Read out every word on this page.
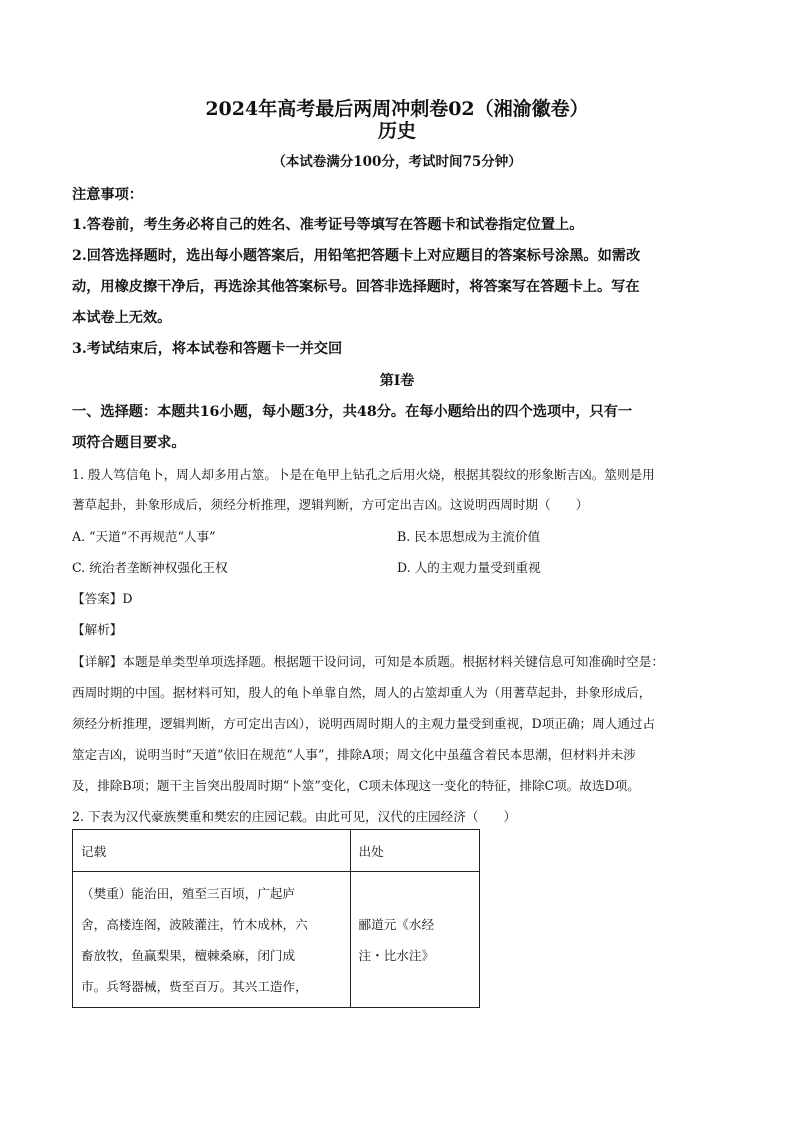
2024年高考最后两周冲刺卷02（湘渝徽卷）
历史
（本试卷满分100分，考试时间75分钟）
注意事项：
1.答卷前，考生务必将自己的姓名、准考证号等填写在答题卡和试卷指定位置上。
2.回答选择题时，选出每小题答案后，用铅笔把答题卡上对应题目的答案标号涂黑。如需改
动，用橡皮擦干净后，再选涂其他答案标号。回答非选择题时，将答案写在答题卡上。写在
本试卷上无效。
3.考试结束后，将本试卷和答题卡一并交回
第Ⅰ卷
一、选择题：本题共16小题，每小题3分，共48分。在每小题给出的四个选项中，只有一
项符合题目要求。
1. 殷人笃信龟卜，周人却多用占筮。卜是在龟甲上钻孔之后用火烧，根据其裂纹的形象断吉凶。筮则是用
蓍草起卦，卦象形成后，须经分析推理，逻辑判断，方可定出吉凶。这说明西周时期（　　）
A. “天道”不再规范“人事”	B. 民本思想成为主流价值
C. 统治者垄断神权强化王权	D. 人的主观力量受到重视
【答案】D
【解析】
【详解】本题是单类型单项选择题。根据题干设问词，可知是本质题。根据材料关键信息可知准确时空是：
西周时期的中国。据材料可知，殷人的龟卜单靠自然，周人的占筮却重人为（用蓍草起卦，卦象形成后，
须经分析推理，逻辑判断，方可定出吉凶），说明西周时期人的主观力量受到重视，D项正确；周人通过占
筮定吉凶，说明当时“天道”依旧在规范“人事”，排除A项；周文化中虽蕴含着民本思潮，但材料并未涉
及，排除B项；题干主旨突出殷周时期“卜筮”变化，C项未体现这一变化的特征，排除C项。故选D项。
2. 下表为汉代豪族樊重和樊宏的庄园记载。由此可见，汉代的庄园经济（　　）
记载	出处

（樊重）能治田，殖至三百顷，广起庐
舍，高楼连阁，波陂灌注，竹木成林，六
畜放牧，鱼赢梨果，檀棘桑麻，闭门成
市。兵弩器械，赀至百万。其兴工造作，	郦道元《水经
注・比水注》
